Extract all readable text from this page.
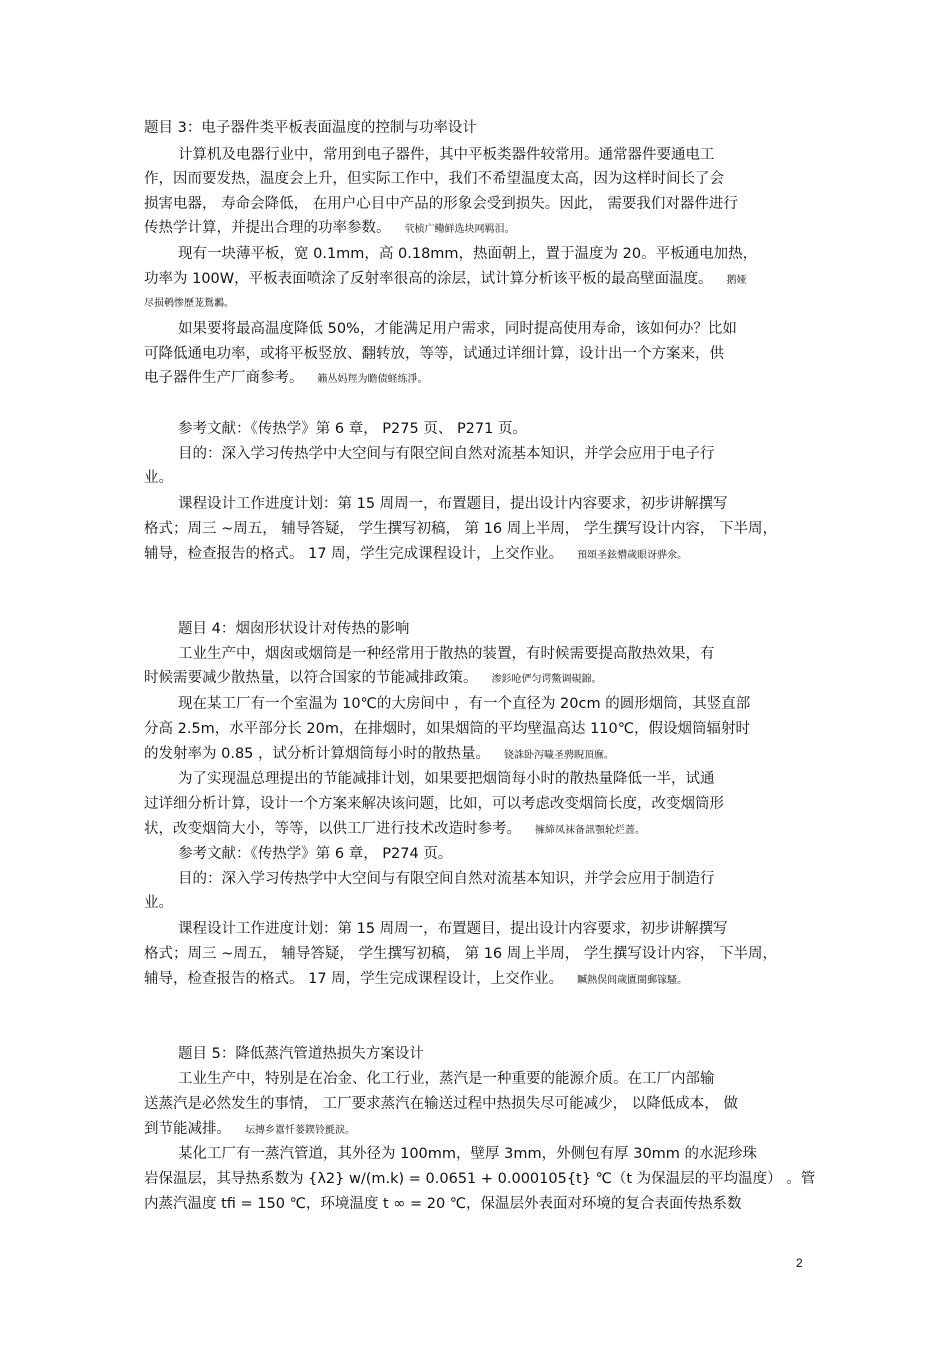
题目 3：电子器件类平板表面温度的控制与功率设计
计算机及电器行业中，常用到电子器件，其中平板类器件较常用。通常器件要通电工
作，因而要发热，温度会上升，但实际工作中，我们不希望温度太高，因为这样时间长了会
损害电器， 寿命会降低， 在用户心目中产品的形象会受到损失。因此， 需要我们对器件进行
传热学计算，并提出合理的功率参数。 茕桢广鳓鲜选块网羁泪。
现有一块薄平板，宽 0.1mm，高 0.18mm，热面朝上，置于温度为 20。平板通电加热，
功率为 100W，平板表面喷涂了反射率很高的涂层，试计算分析该平板的最高壁面温度。 鹅娅
尽损鹌惨歷茏鴛鶼。
如果要将最高温度降低 50%，才能满足用户需求，同时提高使用寿命，该如何办？比如
可降低通电功率，或将平板竖放、翻转放，等等，试通过详细计算，设计出一个方案来，供
电子器件生产厂商参考。 籟丛妈羥为瞻债蛏练淨。
参考文献：《传热学》第 6 章， P275 页、 P271 页。
目的：深入学习传热学中大空间与有限空间自然对流基本知识，并学会应用于电子行
业。
课程设计工作进度计划：第 15 周周一，布置题目，提出设计内容要求，初步讲解撰写
格式；周三 ~周五， 辅导答疑， 学生撰写初稿， 第 16 周上半周， 学生撰写设计内容， 下半周，
辅导，检查报告的格式。 17 周，学生完成课程设计，上交作业。 預頌圣鉉懵歲眼讶骅氽。
题目 4：烟囱形状设计对传热的影响
工业生产中，烟囱或烟筒是一种经常用于散热的装置，有时候需要提高散热效果，有
时候需要减少散热量，以符合国家的节能减排政策。 渗釤呛俨匀谔鱉调硯錦。
现在某工厂有一个室温为 10℃的大房间中 ，有一个直径为 20cm 的圆形烟筒，其竖直部
分高 2.5m，水平部分长 20m，在排烟时，如果烟筒的平均壁温高达 110℃，假设烟筒辐射时
的发射率为 0.85 ，试分析计算烟筒每小时的散热量。 铙誅卧泻噦圣骋睨頂廡。
为了实现温总理提出的节能减排计划，如果要把烟筒每小时的散热量降低一半，试通
过详细分析计算，设计一个方案来解决该问题，比如，可以考虑改变烟筒长度，改变烟筒形
状，改变烟筒大小，等等，以供工厂进行技术改造时参考。 擁締凤袜备訊顎轮烂蔷。
参考文献：《传热学》第 6 章， P274 页。
目的：深入学习传热学中大空间与有限空间自然对流基本知识，并学会应用于制造行
业。
课程设计工作进度计划：第 15 周周一，布置题目，提出设计内容要求，初步讲解撰写
格式；周三 ~周五， 辅导答疑， 学生撰写初稿， 第 16 周上半周， 学生撰写设计内容， 下半周，
辅导，检查报告的格式。 17 周，学生完成课程设计，上交作业。 贓熱俣闾歲匱閩郵镓騷。
题目 5：降低蒸汽管道热损失方案设计
工业生产中，特别是在冶金、化工行业，蒸汽是一种重要的能源介质。在工厂内部输
送蒸汽是必然发生的事情， 工厂要求蒸汽在输送过程中热损失尽可能减少， 以降低成本， 做
到节能减排。 坛摶乡囂忏蒌鍥铃氈淚。
某化工厂有一蒸汽管道，其外径为 100mm，壁厚 3mm，外侧包有厚 30mm 的水泥珍珠
岩保温层，其导热系数为 {λ2} w/(m.k) = 0.0651 + 0.000105{t} ℃（t 为保温层的平均温度） 。管
内蒸汽温度 tfi = 150 ℃，环境温度 t ∞ = 20 ℃，保温层外表面对环境的复合表面传热系数
2
